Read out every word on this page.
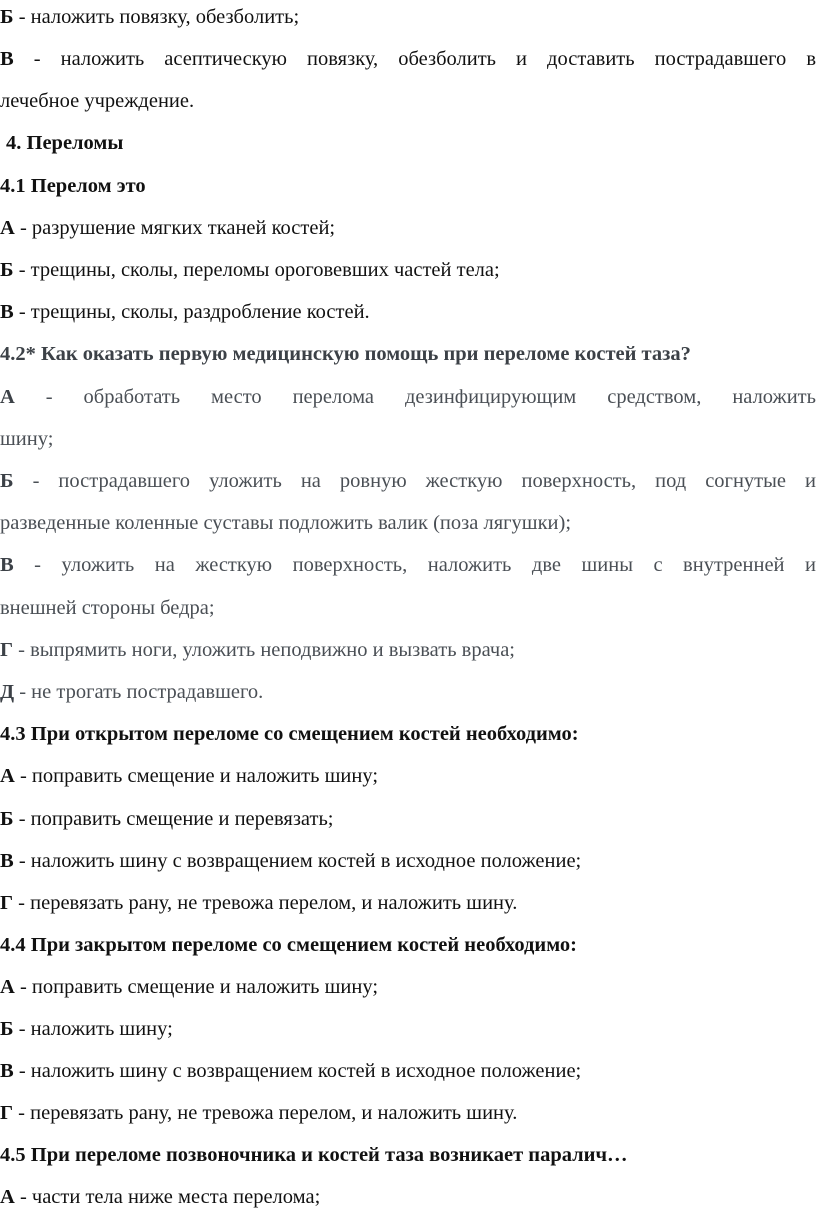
Б - наложить повязку, обезболить;
В - наложить асептическую повязку, обезболить и доставить пострадавшего в
лечебное учреждение.
4. Переломы
4.1 Перелом это
А - разрушение мягких тканей костей;
Б - трещины, сколы, переломы ороговевших частей тела;
В - трещины, сколы, раздробление костей.
4.2* Как оказать первую медицинскую помощь при переломе костей таза?
А - обработать место перелома дезинфицирующим средством, наложить
шину;
Б - пострадавшего уложить на ровную жесткую поверхность, под согнутые и
разведенные коленные суставы подложить валик (поза лягушки);
В - уложить на жесткую поверхность, наложить две шины с внутренней и
внешней стороны бедра;
Г - выпрямить ноги, уложить неподвижно и вызвать врача;
Д - не трогать пострадавшего.
4.3 При открытом переломе со смещением костей необходимо:
А - поправить смещение и наложить шину;
Б - поправить смещение и перевязать;
В - наложить шину с возвращением костей в исходное положение;
Г - перевязать рану, не тревожа перелом, и наложить шину.
4.4 При закрытом переломе со смещением костей необходимо:
А - поправить смещение и наложить шину;
Б - наложить шину;
В - наложить шину с возвращением костей в исходное положение;
Г - перевязать рану, не тревожа перелом, и наложить шину.
4.5 При переломе позвоночника и костей таза возникает паралич…
А - части тела ниже места перелома;
